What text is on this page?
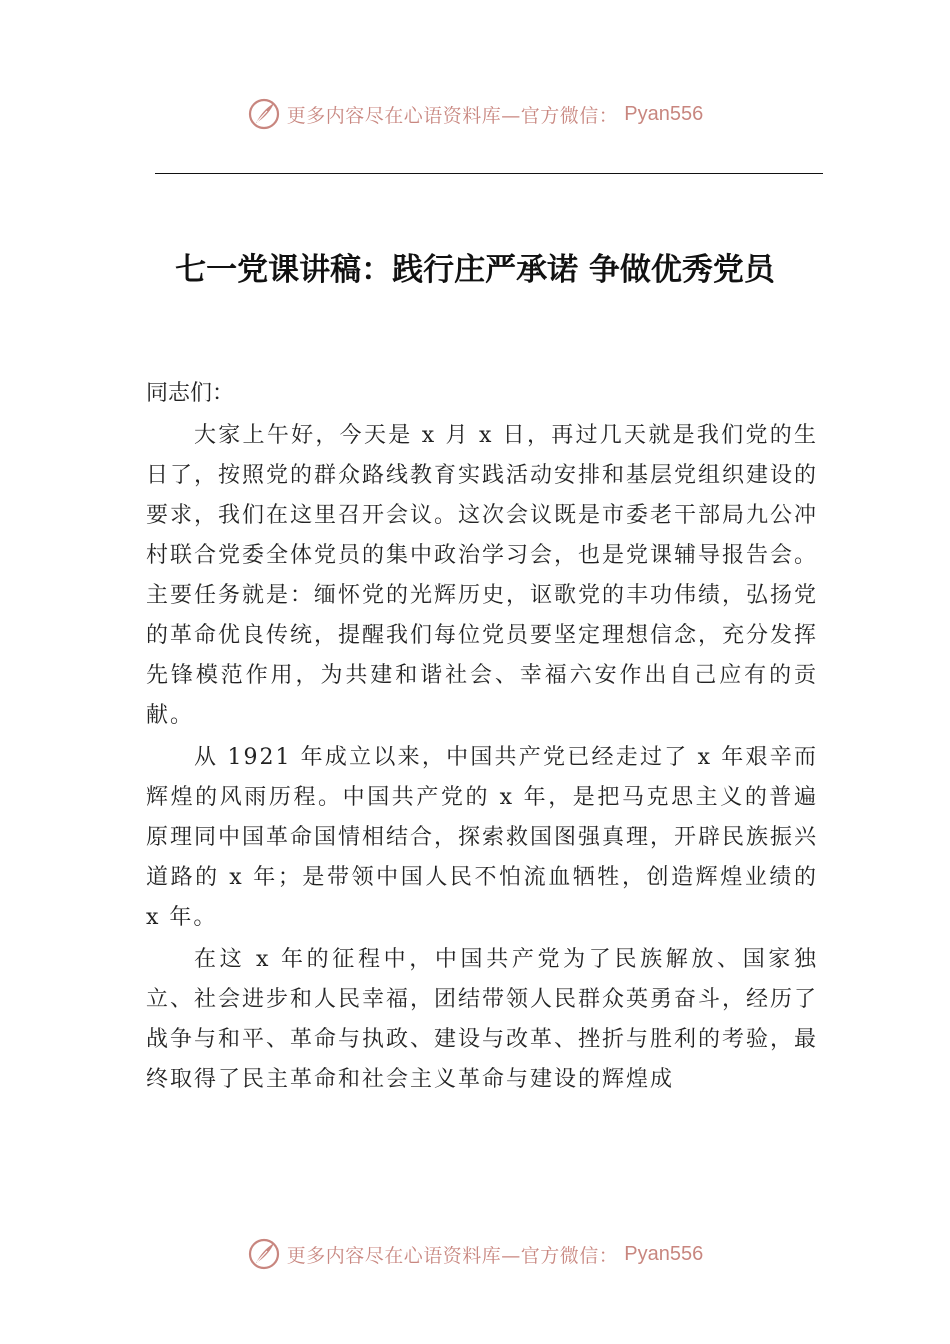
更多内容尽在心语资料库—官方微信： Pyan556
七一党课讲稿：践行庄严承诺 争做优秀党员
同志们：

大家上午好，今天是 x 月 x 日，再过几天就是我们党的生日了，按照党的群众路线教育实践活动安排和基层党组织建设的要求，我们在这里召开会议。这次会议既是市委老干部局九公冲村联合党委全体党员的集中政治学习会，也是党课辅导报告会。主要任务就是：缅怀党的光辉历史，讴歌党的丰功伟绩，弘扬党的革命优良传统，提醒我们每位党员要坚定理想信念，充分发挥先锋模范作用，为共建和谐社会、幸福六安作出自己应有的贡献。

从 1921 年成立以来，中国共产党已经走过了 x 年艰辛而辉煌的风雨历程。中国共产党的 x 年，是把马克思主义的普遍原理同中国革命国情相结合，探索救国图强真理，开辟民族振兴道路的 x 年；是带领中国人民不怕流血牺牲，创造辉煌业绩的 x 年。

在这 x 年的征程中，中国共产党为了民族解放、国家独立、社会进步和人民幸福，团结带领人民群众英勇奋斗，经历了战争与和平、革命与执政、建设与改革、挫折与胜利的考验，最终取得了民主革命和社会主义革命与建设的辉煌成

更多内容尽在心语资料库—官方微信： Pyan556
